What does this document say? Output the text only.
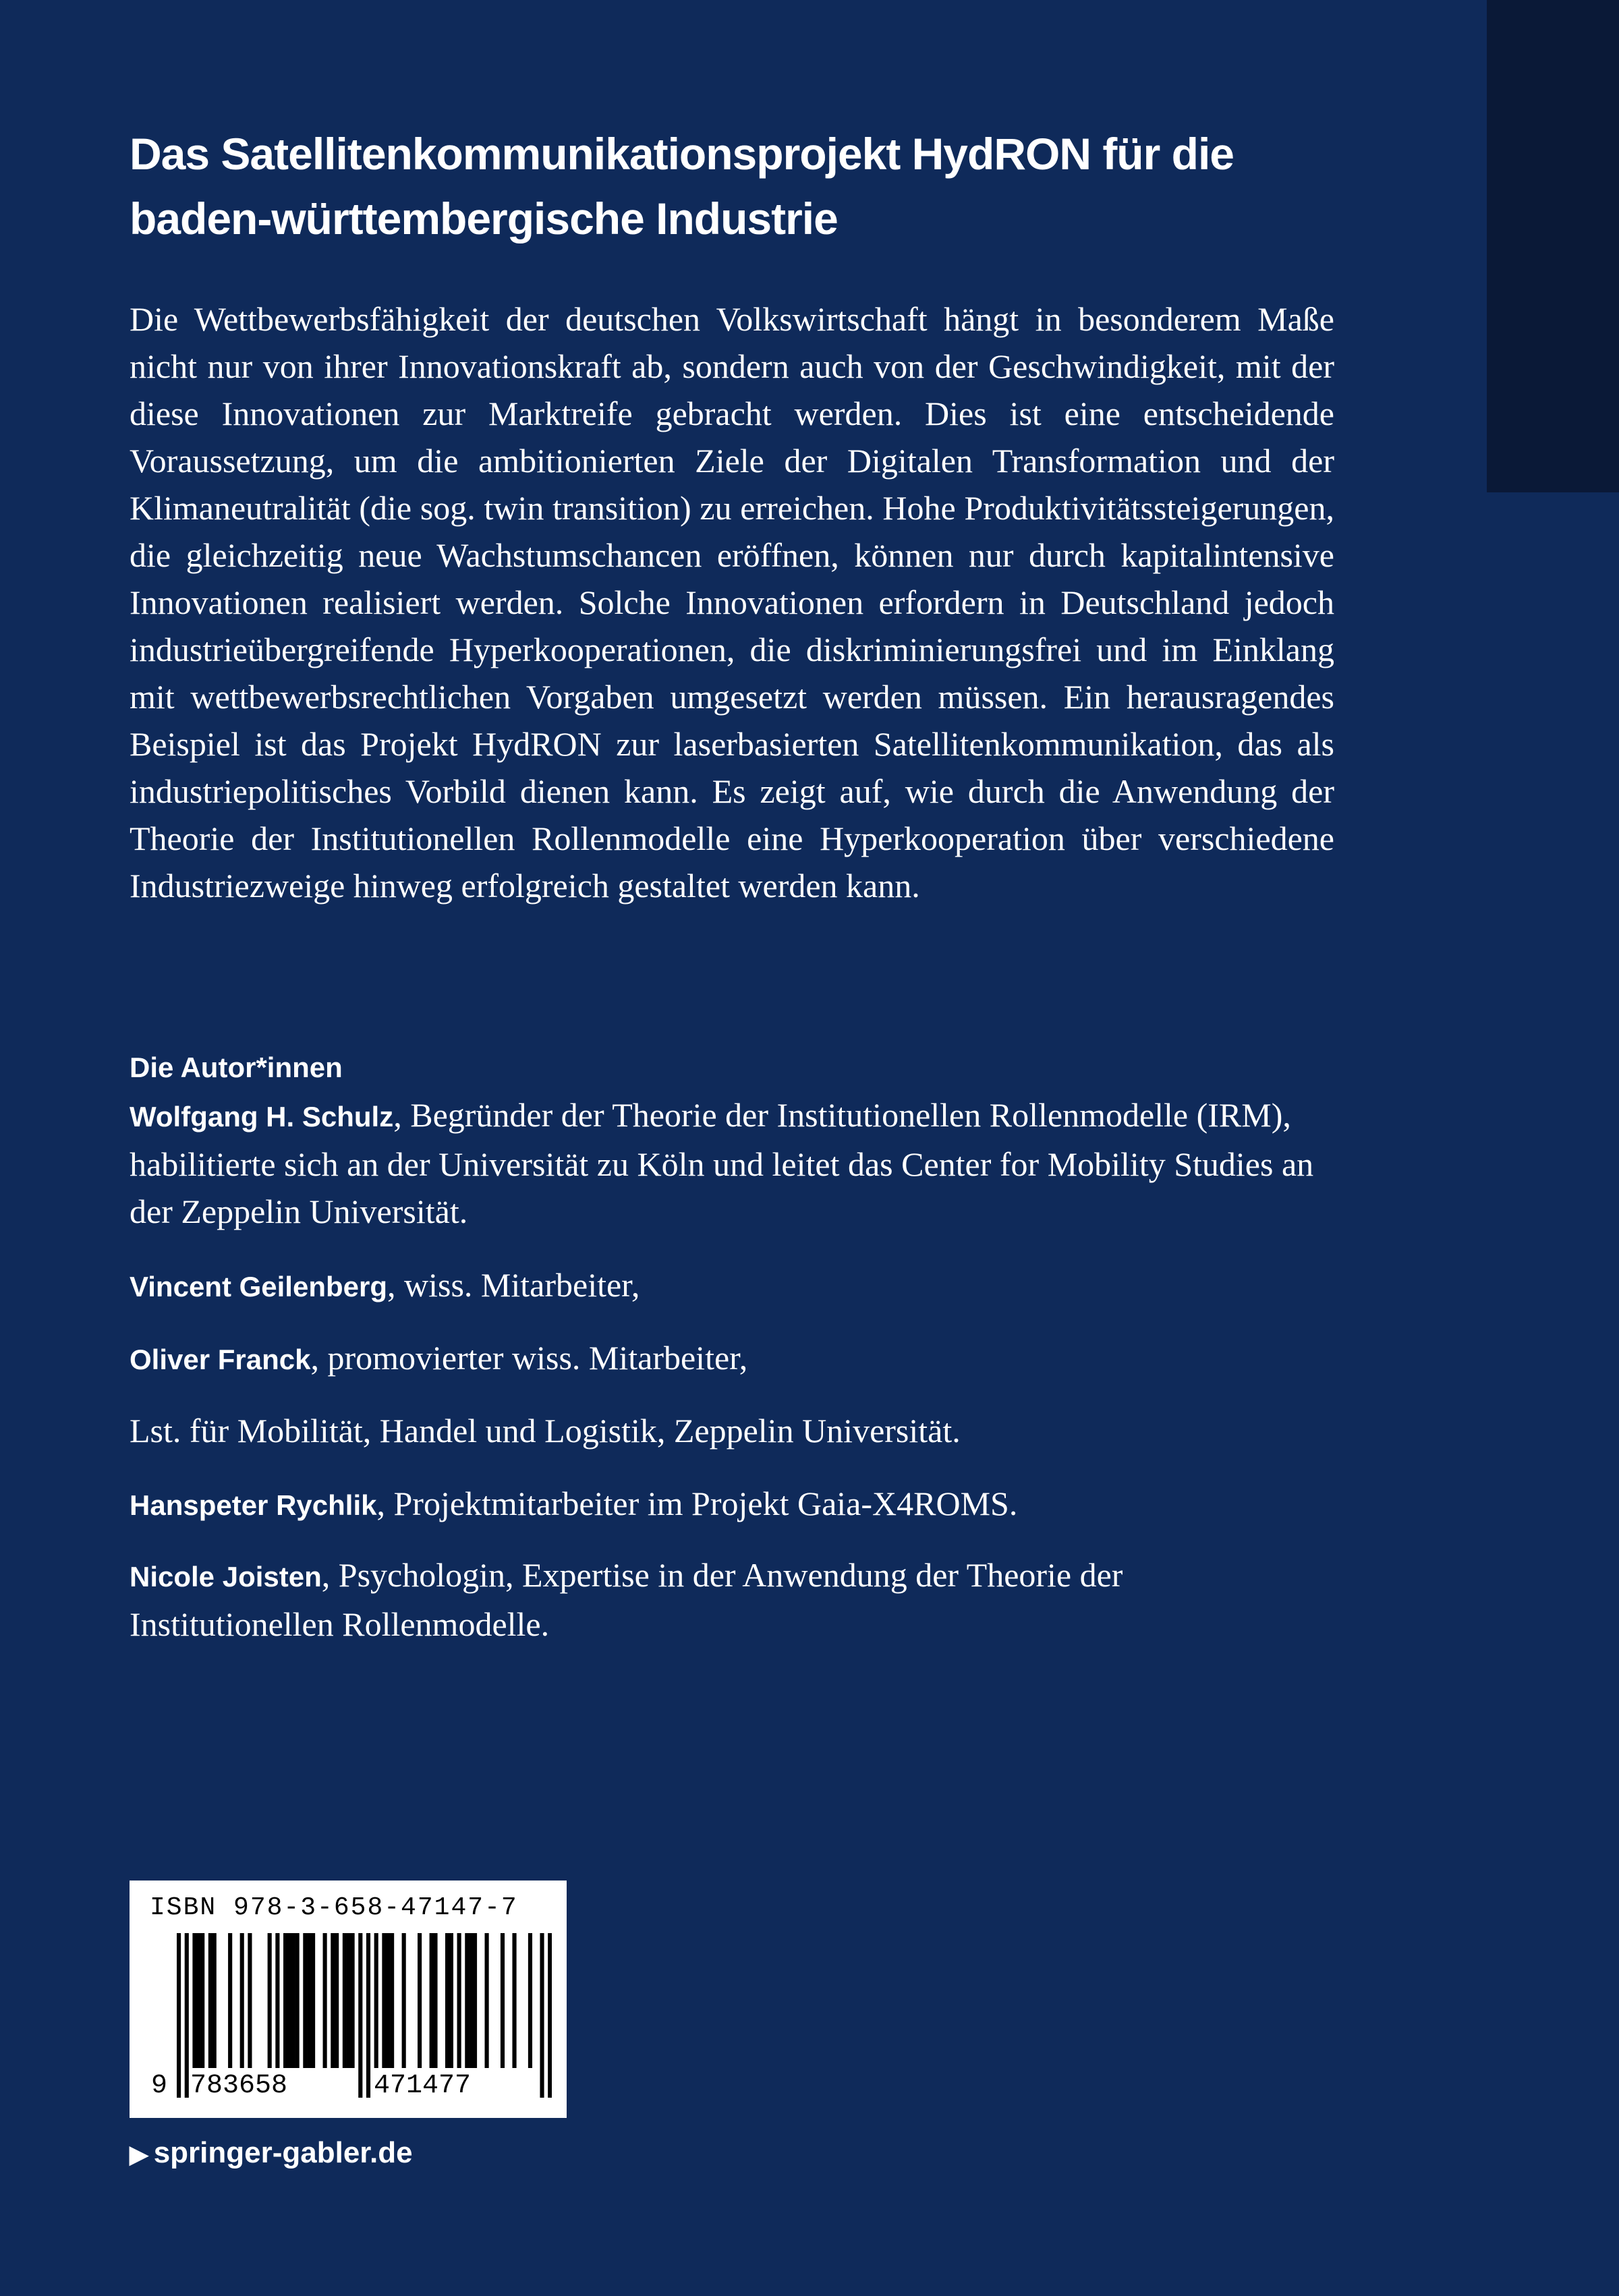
Das Satellitenkommunikationsprojekt HydRON für die
baden-württembergische Industrie

Die Wettbewerbsfähigkeit der deutschen Volkswirtschaft hängt in besonderem Maße nicht nur von ihrer Innovationskraft ab, sondern auch von der Geschwindigkeit, mit der diese Innovationen zur Marktreife gebracht werden. Dies ist eine entscheidende Voraussetzung, um die ambitionierten Ziele der Digitalen Transformation und der Klimaneutralität (die sog. twin transition) zu erreichen. Hohe Produktivitätssteigerungen, die gleichzeitig neue Wachstumschancen eröffnen, können nur durch kapitalintensive Innovationen realisiert werden. Solche Innovationen erfordern in Deutschland jedoch industrieübergreifende Hyperkooperationen, die diskriminierungsfrei und im Einklang mit wettbewerbsrechtlichen Vorgaben umgesetzt werden müssen. Ein herausragendes Beispiel ist das Projekt HydRON zur laserbasierten Satellitenkommunikation, das als industriepolitisches Vorbild dienen kann. Es zeigt auf, wie durch die Anwendung der Theorie der Institutionellen Rollenmodelle eine Hyperkooperation über verschiedene Industriezweige hinweg erfolgreich gestaltet werden kann.

Die Autor*innen

Wolfgang H. Schulz, Begründer der Theorie der Institutionellen Rollenmodelle (IRM), habilitierte sich an der Universität zu Köln und leitet das Center for Mobility Studies an der Zeppelin Universität.

Vincent Geilenberg, wiss. Mitarbeiter,

Oliver Franck, promovierter wiss. Mitarbeiter,

Lst. für Mobilität, Handel und Logistik, Zeppelin Universität.

Hanspeter Rychlik, Projektmitarbeiter im Projekt Gaia-X4ROMS.

Nicole Joisten, Psychologin, Expertise in der Anwendung der Theorie der Institutionellen Rollenmodelle.

ISBN 978-3-658-47147-7
9 783658	471477

▶ springer-gabler.de
